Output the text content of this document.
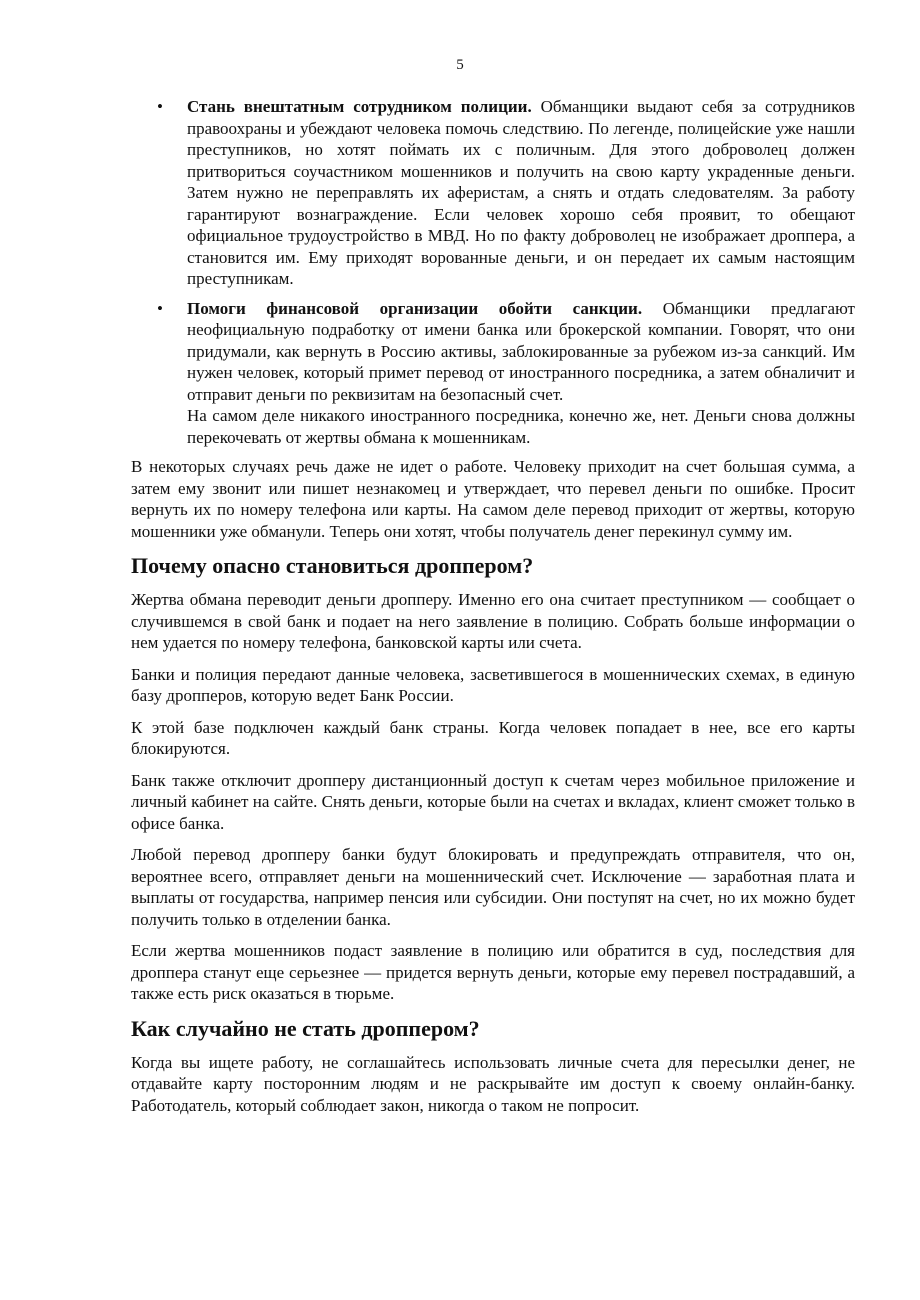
5

• Стань внештатным сотрудником полиции. Обманщики выдают себя за сотрудников правоохраны и убеждают человека помочь следствию. По легенде, полицейские уже нашли преступников, но хотят поймать их с поличным. Для этого доброволец должен притвориться соучастником мошенников и получить на свою карту украденные деньги. Затем нужно не переправлять их аферистам, а снять и отдать следователям. За работу гарантируют вознаграждение. Если человек хорошо себя проявит, то обещают официальное трудоустройство в МВД. Но по факту доброволец не изображает дроппера, а становится им. Ему приходят ворованные деньги, и он передает их самым настоящим преступникам.

• Помоги финансовой организации обойти санкции. Обманщики предлагают неофициальную подработку от имени банка или брокерской компании. Говорят, что они придумали, как вернуть в Россию активы, заблокированные за рубежом из-за санкций. Им нужен человек, который примет перевод от иностранного посредника, а затем обналичит и отправит деньги по реквизитам на безопасный счет.

На самом деле никакого иностранного посредника, конечно же, нет. Деньги снова должны перекочевать от жертвы обмана к мошенникам.

В некоторых случаях речь даже не идет о работе. Человеку приходит на счет большая сумма, а затем ему звонит или пишет незнакомец и утверждает, что перевел деньги по ошибке. Просит вернуть их по номеру телефона или карты. На самом деле перевод приходит от жертвы, которую мошенники уже обманули. Теперь они хотят, чтобы получатель денег перекинул сумму им.

Почему опасно становиться дроппером?

Жертва обмана переводит деньги дропперу. Именно его она считает преступником — сообщает о случившемся в свой банк и подает на него заявление в полицию. Собрать больше информации о нем удается по номеру телефона, банковской карты или счета.

Банки и полиция передают данные человека, засветившегося в мошеннических схемах, в единую базу дропперов, которую ведет Банк России.

К этой базе подключен каждый банк страны. Когда человек попадает в нее, все его карты блокируются.

Банк также отключит дропперу дистанционный доступ к счетам через мобильное приложение и личный кабинет на сайте. Снять деньги, которые были на счетах и вкладах, клиент сможет только в офисе банка.

Любой перевод дропперу банки будут блокировать и предупреждать отправителя, что он, вероятнее всего, отправляет деньги на мошеннический счет. Исключение — заработная плата и выплаты от государства, например пенсия или субсидии. Они поступят на счет, но их можно будет получить только в отделении банка.

Если жертва мошенников подаст заявление в полицию или обратится в суд, последствия для дроппера станут еще серьезнее — придется вернуть деньги, которые ему перевел пострадавший, а также есть риск оказаться в тюрьме.

Как случайно не стать дроппером?

Когда вы ищете работу, не соглашайтесь использовать личные счета для пересылки денег, не отдавайте карту посторонним людям и не раскрывайте им доступ к своему онлайн-банку. Работодатель, который соблюдает закон, никогда о таком не попросит.
